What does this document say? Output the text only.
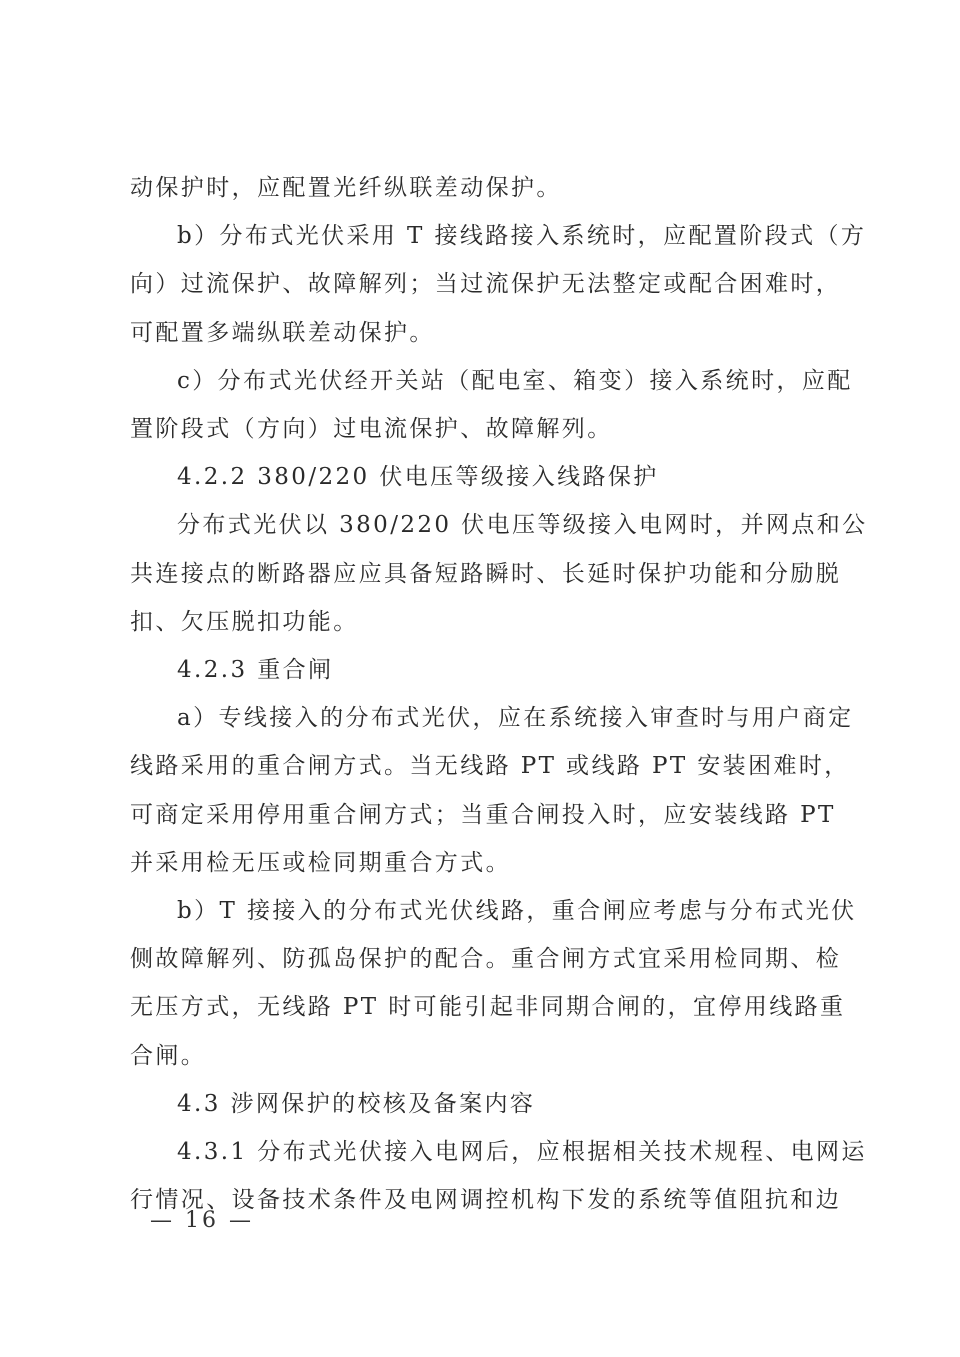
动保护时，应配置光纤纵联差动保护。
b）分布式光伏采用 T 接线路接入系统时，应配置阶段式（方
向）过流保护、故障解列；当过流保护无法整定或配合困难时，
可配置多端纵联差动保护。
c）分布式光伏经开关站（配电室、箱变）接入系统时，应配
置阶段式（方向）过电流保护、故障解列。
4.2.2 380/220 伏电压等级接入线路保护
分布式光伏以 380/220 伏电压等级接入电网时，并网点和公
共连接点的断路器应应具备短路瞬时、长延时保护功能和分励脱
扣、欠压脱扣功能。
4.2.3 重合闸
a）专线接入的分布式光伏，应在系统接入审查时与用户商定
线路采用的重合闸方式。当无线路 PT 或线路 PT 安装困难时，
可商定采用停用重合闸方式；当重合闸投入时，应安装线路 PT
并采用检无压或检同期重合方式。
b）T 接接入的分布式光伏线路，重合闸应考虑与分布式光伏
侧故障解列、防孤岛保护的配合。重合闸方式宜采用检同期、检
无压方式，无线路 PT 时可能引起非同期合闸的，宜停用线路重
合闸。
4.3 涉网保护的校核及备案内容
4.3.1 分布式光伏接入电网后，应根据相关技术规程、电网运
行情况、设备技术条件及电网调控机构下发的系统等值阻抗和边
— 16 —
